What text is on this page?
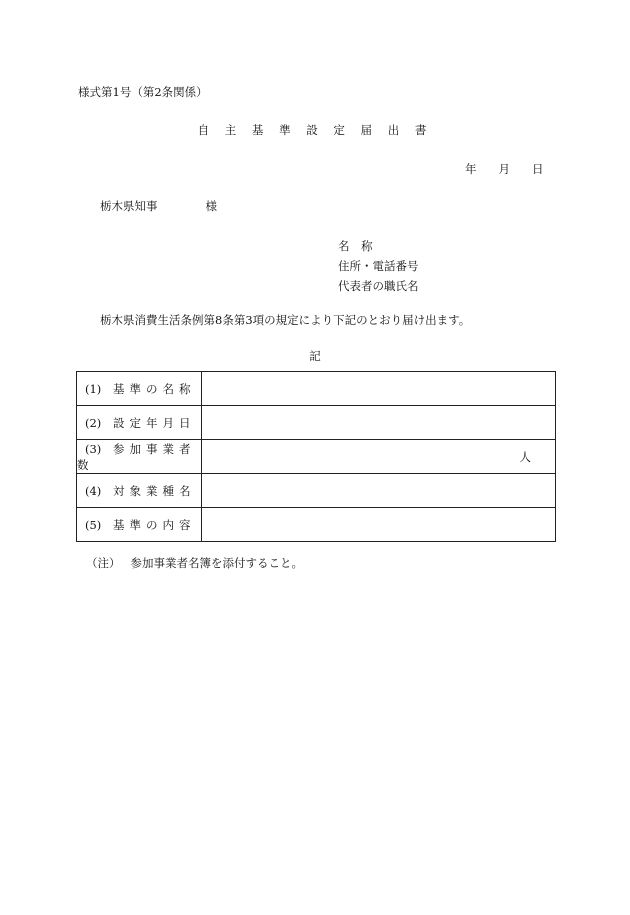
様式第1号（第2条関係）
自 主 基 準 設 定 届 出 書
年 月 日
栃木県知事	様
名　称
住所・電話番号
代表者の職氏名
栃木県消費生活条例第8条第3項の規定により下記のとおり届け出ます。
記
(1) 基準の名称	

(2) 設定年月日	

(3) 参加事業者数	人

(4) 対象業種名	

(5) 基準の内容	
（注） 参加事業者名簿を添付すること。
